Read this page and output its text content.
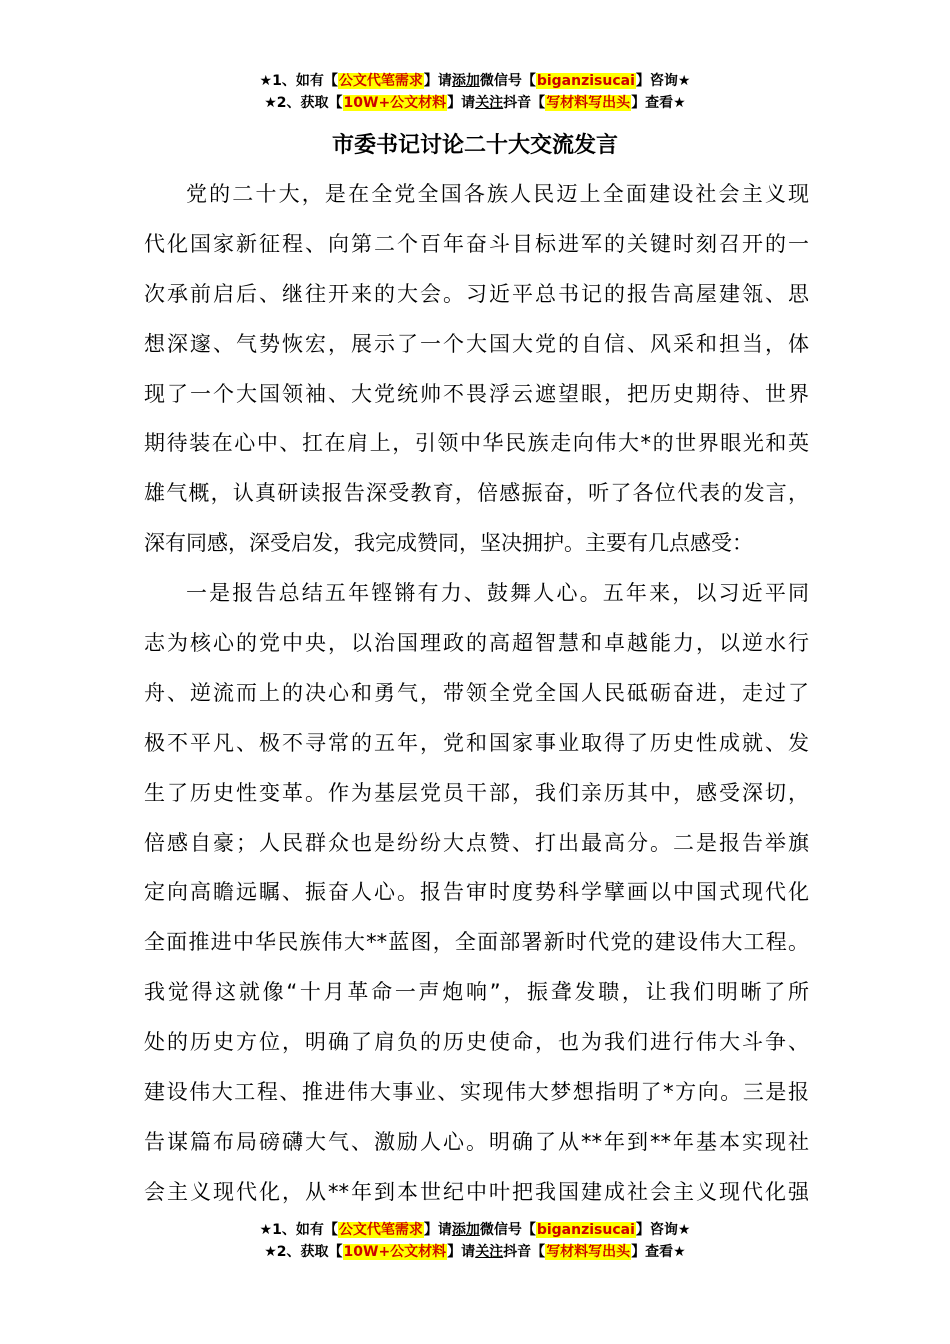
★1、如有【公文代笔需求】请添加微信号【biganzisucai】咨询★
★2、获取【10W+公文材料】请关注抖音【写材料写出头】查看★
市委书记讨论二十大交流发言
党的二十大，是在全党全国各族人民迈上全面建设社会主义现
代化国家新征程、向第二个百年奋斗目标进军的关键时刻召开的一
次承前启后、继往开来的大会。习近平总书记的报告高屋建瓴、思
想深邃、气势恢宏，展示了一个大国大党的自信、风采和担当，体
现了一个大国领袖、大党统帅不畏浮云遮望眼，把历史期待、世界
期待装在心中、扛在肩上，引领中华民族走向伟大*的世界眼光和英
雄气概，认真研读报告深受教育，倍感振奋，听了各位代表的发言，
深有同感，深受启发，我完成赞同，坚决拥护。主要有几点感受：
一是报告总结五年铿锵有力、鼓舞人心。五年来，以习近平同
志为核心的党中央，以治国理政的高超智慧和卓越能力，以逆水行
舟、逆流而上的决心和勇气，带领全党全国人民砥砺奋进，走过了
极不平凡、极不寻常的五年，党和国家事业取得了历史性成就、发
生了历史性变革。作为基层党员干部，我们亲历其中，感受深切，
倍感自豪；人民群众也是纷纷大点赞、打出最高分。二是报告举旗
定向高瞻远瞩、振奋人心。报告审时度势科学擘画以中国式现代化
全面推进中华民族伟大**蓝图，全面部署新时代党的建设伟大工程。
我觉得这就像“十月革命一声炮响”，振聋发聩，让我们明晰了所
处的历史方位，明确了肩负的历史使命，也为我们进行伟大斗争、
建设伟大工程、推进伟大事业、实现伟大梦想指明了*方向。三是报
告谋篇布局磅礴大气、激励人心。明确了从**年到**年基本实现社
会主义现代化，从**年到本世纪中叶把我国建成社会主义现代化强
★1、如有【公文代笔需求】请添加微信号【biganzisucai】咨询★
★2、获取【10W+公文材料】请关注抖音【写材料写出头】查看★
